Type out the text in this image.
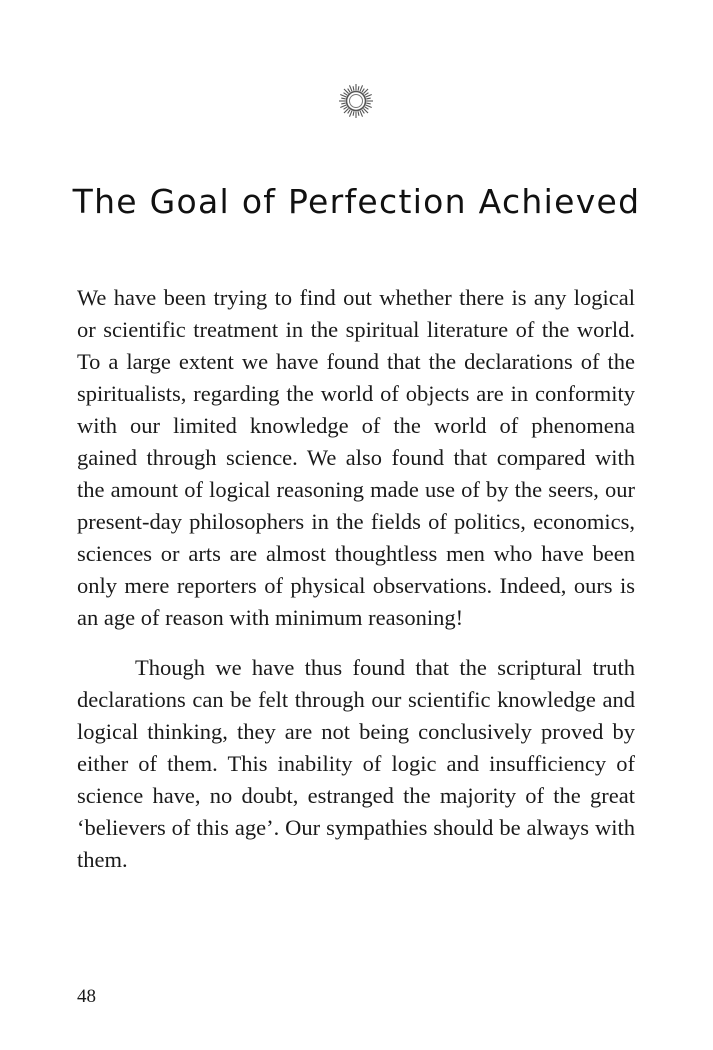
The Goal of Perfection Achieved

We have been trying to find out whether there is any logical or scientific treatment in the spiritual literature of the world. To a large extent we have found that the declarations of the spiritualists, regarding the world of objects are in conformity with our limited knowledge of the world of phenomena gained through science. We also found that compared with the amount of logical reasoning made use of by the seers, our present-day philosophers in the fields of politics, economics, sciences or arts are almost thoughtless men who have been only mere reporters of physical observations. Indeed, ours is an age of reason with minimum reasoning!

Though we have thus found that the scriptural truth declarations can be felt through our scientific knowledge and logical thinking, they are not being conclusively proved by either of them. This inability of logic and insufficiency of science have, no doubt, estranged the majority of the great ‘believers of this age’. Our sympathies should be always with them.

48
